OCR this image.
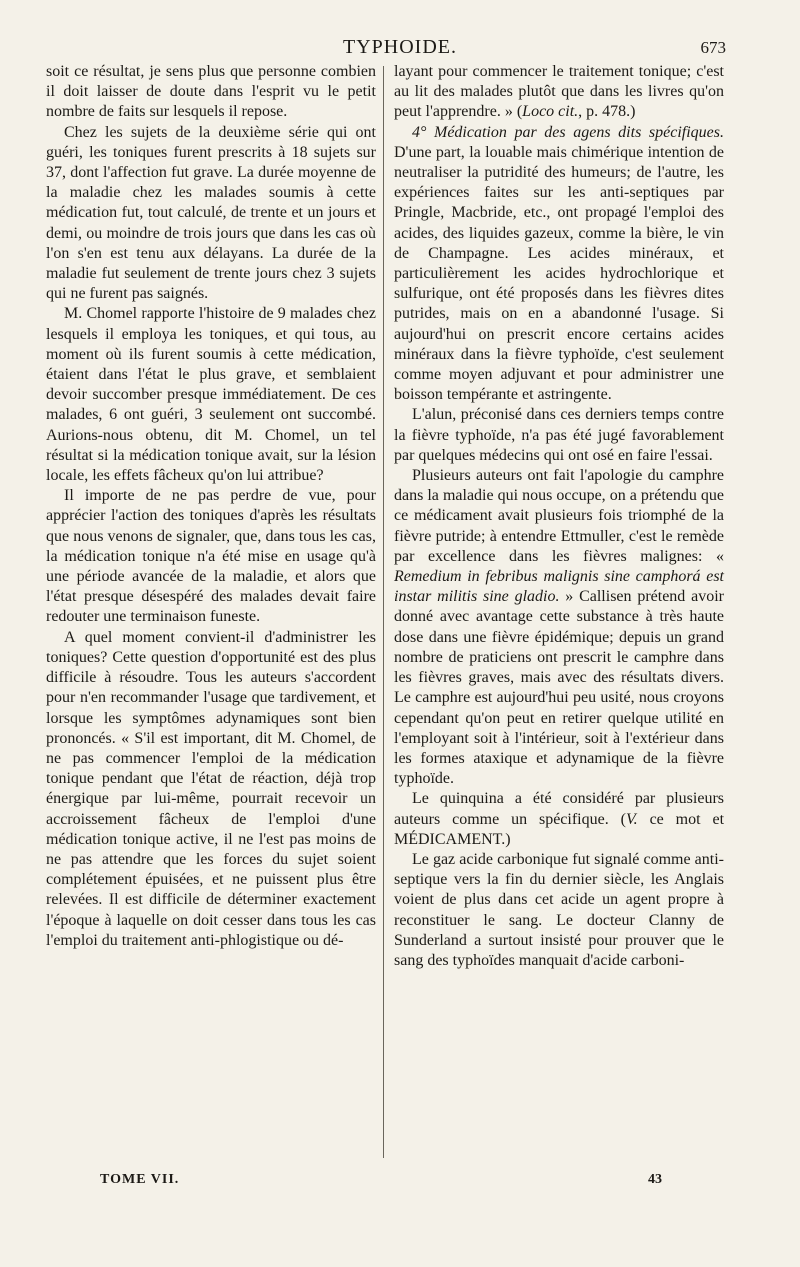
TYPHOIDE.	673

soit ce résultat, je sens plus que personne combien il doit laisser de doute dans l'esprit vu le petit nombre de faits sur lesquels il repose.

Chez les sujets de la deuxième série qui ont guéri, les toniques furent prescrits à 18 sujets sur 37, dont l'affection fut grave. La durée moyenne de la maladie chez les malades soumis à cette médication fut, tout calculé, de trente et un jours et demi, ou moindre de trois jours que dans les cas où l'on s'en est tenu aux délayans. La durée de la maladie fut seulement de trente jours chez 3 sujets qui ne furent pas saignés.

M. Chomel rapporte l'histoire de 9 malades chez lesquels il employa les toniques, et qui tous, au moment où ils furent soumis à cette médication, étaient dans l'état le plus grave, et semblaient devoir succomber presque immédiatement. De ces malades, 6 ont guéri, 3 seulement ont succombé. Aurions-nous obtenu, dit M. Chomel, un tel résultat si la médication tonique avait, sur la lésion locale, les effets fâcheux qu'on lui attribue?

Il importe de ne pas perdre de vue, pour apprécier l'action des toniques d'après les résultats que nous venons de signaler, que, dans tous les cas, la médication tonique n'a été mise en usage qu'à une période avancée de la maladie, et alors que l'état presque désespéré des malades devait faire redouter une terminaison funeste.

A quel moment convient-il d'administrer les toniques? Cette question d'opportunité est des plus difficile à résoudre. Tous les auteurs s'accordent pour n'en recommander l'usage que tardivement, et lorsque les symptômes adynamiques sont bien prononcés. « S'il est important, dit M. Chomel, de ne pas commencer l'emploi de la médication tonique pendant que l'état de réaction, déjà trop énergique par lui-même, pourrait recevoir un accroissement fâcheux de l'emploi d'une médication tonique active, il ne l'est pas moins de ne pas attendre que les forces du sujet soient complétement épuisées, et ne puissent plus être relevées. Il est difficile de déterminer exactement l'époque à laquelle on doit cesser dans tous les cas l'emploi du traitement anti-phlogistique ou dé-

layant pour commencer le traitement tonique; c'est au lit des malades plutôt que dans les livres qu'on peut l'apprendre. » (Loco cit., p. 478.)

4° Médication par des agens dits spécifiques. D'une part, la louable mais chimérique intention de neutraliser la putridité des humeurs; de l'autre, les expériences faites sur les anti-septiques par Pringle, Macbride, etc., ont propagé l'emploi des acides, des liquides gazeux, comme la bière, le vin de Champagne. Les acides minéraux, et particulièrement les acides hydrochlorique et sulfurique, ont été proposés dans les fièvres dites putrides, mais on en a abandonné l'usage. Si aujourd'hui on prescrit encore certains acides minéraux dans la fièvre typhoïde, c'est seulement comme moyen adjuvant et pour administrer une boisson tempérante et astringente.

L'alun, préconisé dans ces derniers temps contre la fièvre typhoïde, n'a pas été jugé favorablement par quelques médecins qui ont osé en faire l'essai.

Plusieurs auteurs ont fait l'apologie du camphre dans la maladie qui nous occupe, on a prétendu que ce médicament avait plusieurs fois triomphé de la fièvre putride; à entendre Ettmuller, c'est le remède par excellence dans les fièvres malignes: « Remedium in febribus malignis sine camphorá est instar militis sine gladio. » Callisen prétend avoir donné avec avantage cette substance à très haute dose dans une fièvre épidémique; depuis un grand nombre de praticiens ont prescrit le camphre dans les fièvres graves, mais avec des résultats divers. Le camphre est aujourd'hui peu usité, nous croyons cependant qu'on peut en retirer quelque utilité en l'employant soit à l'intérieur, soit à l'extérieur dans les formes ataxique et adynamique de la fièvre typhoïde.

Le quinquina a été considéré par plusieurs auteurs comme un spécifique. (V. ce mot et MÉDICAMENT.)

Le gaz acide carbonique fut signalé comme anti-septique vers la fin du dernier siècle, les Anglais voient de plus dans cet acide un agent propre à reconstituer le sang. Le docteur Clanny de Sunderland a surtout insisté pour prouver que le sang des typhoïdes manquait d'acide carboni-

TOME VII.	43
